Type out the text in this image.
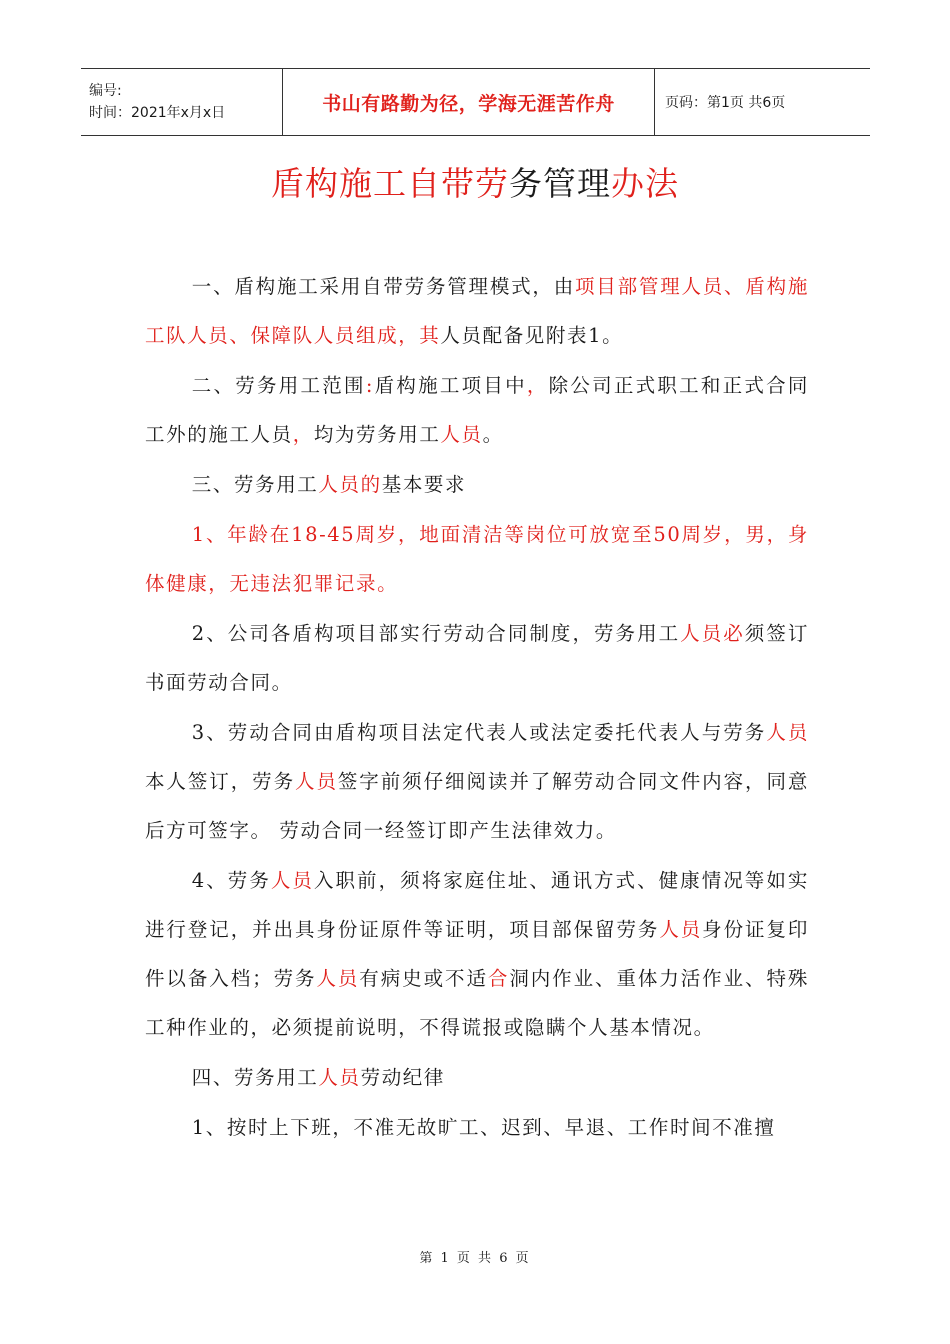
编号:
时间：2021年x月x日	书山有路勤为径，学海无涯苦作舟	页码：第1页 共6页
盾构施工自带劳务管理办法

一、盾构施工采用自带劳务管理模式，由项目部管理人员、盾构施工队人员、保障队人员组成，其人员配备见附表1。

二、劳务用工范围:盾构施工项目中，除公司正式职工和正式合同工外的施工人员，均为劳务用工人员。

三、劳务用工人员的基本要求

1、年龄在18-45周岁，地面清洁等岗位可放宽至50周岁，男，身体健康，无违法犯罪记录。

2、公司各盾构项目部实行劳动合同制度，劳务用工人员必须签订书面劳动合同。

3、劳动合同由盾构项目法定代表人或法定委托代表人与劳务人员本人签订，劳务人员签字前须仔细阅读并了解劳动合同文件内容，同意后方可签字。 劳动合同一经签订即产生法律效力。

4、劳务人员入职前，须将家庭住址、通讯方式、健康情况等如实进行登记，并出具身份证原件等证明，项目部保留劳务人员身份证复印件以备入档；劳务人员有病史或不适合洞内作业、重体力活作业、特殊工种作业的，必须提前说明，不得谎报或隐瞒个人基本情况。

四、劳务用工人员劳动纪律

1、按时上下班，不准无故旷工、迟到、早退、工作时间不准擅

第 1 页 共 6 页
